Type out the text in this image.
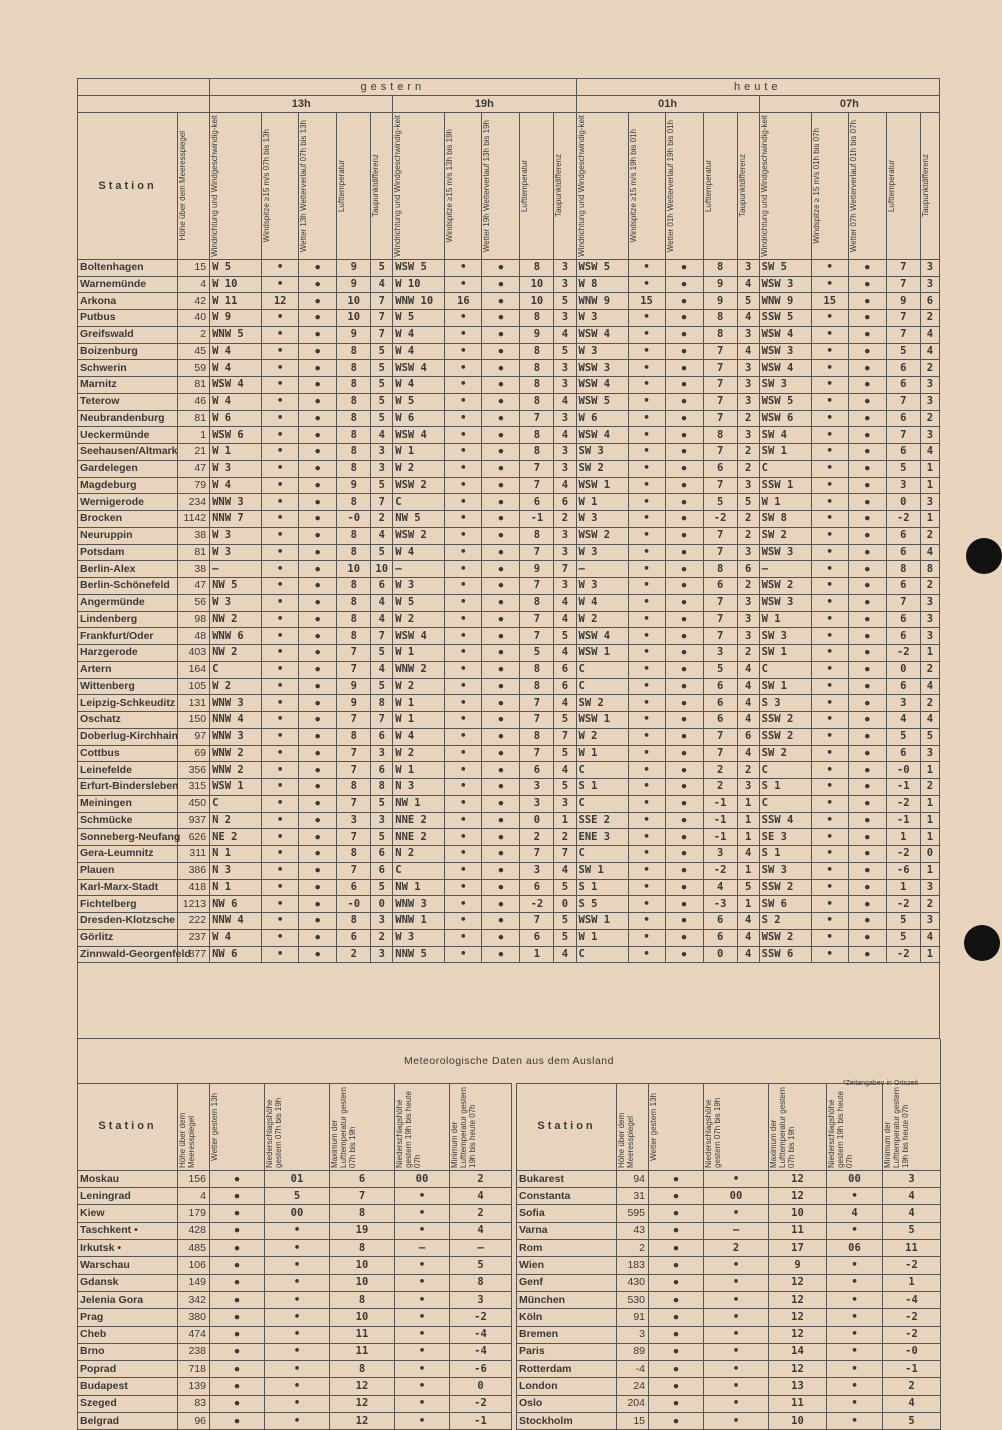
		gestern										heute									
		13h					19h					01h					07h				
Station	Höhe über dem Meeresspiegel	Windrichtung und Windgeschwindig-keit	Windspitze ≥15 m/s 07h bis 13h	Wetter 13h Wetterverlauf 07h bis 13h	Lufttemperatur	Taupunktdifferenz	Windrichtung und Windgeschwindig-keit	Windspitze ≥15 m/s 13h bis 19h	Wetter 19h Wetterverlauf 13h bis 19h	Lufttemperatur	Taupunktdifferenz	Windrichtung und Windgeschwindig-keit	Windspitze ≥15 m/s 19h bis 01h	Wetter 01h Wetterverlauf 19h bis 01h	Lufttemperatur	Taupunktdifferenz	Windrichtung und Windgeschwindig-keit	Windspitze ≥ 15 m/s 01h bis 07h	Wetter 07h Wetterverlauf 01h bis 07h	Lufttemperatur	Taupunktdifferenz

Boltenhagen	15	W 5	•	●	9	5	WSW 5	•	●	8	3	WSW 5	•	●	8	3	SW 5	•	●	7	3
Warnemünde	4	W 10	•	●	9	4	W 10	•	●	10	3	W 8	•	●	9	4	WSW 3	•	●	7	3
Arkona	42	W 11	12	●	10	7	WNW 10	16	●	10	5	WNW 9	15	●	9	5	WNW 9	15	●	9	6
Putbus	40	W 9	•	●	10	7	W 5	•	●	8	3	W 3	•	●	8	4	SSW 5	•	●	7	2
Greifswald	2	WNW 5	•	●	9	7	W 4	•	●	9	4	WSW 4	•	●	8	3	WSW 4	•	●	7	4
Boizenburg	45	W 4	•	●	8	5	W 4	•	●	8	5	W 3	•	●	7	4	WSW 3	•	●	5	4
Schwerin	59	W 4	•	●	8	5	WSW 4	•	●	8	3	WSW 3	•	●	7	3	WSW 4	•	●	6	2
Marnitz	81	WSW 4	•	●	8	5	W 4	•	●	8	3	WSW 4	•	●	7	3	SW 3	•	●	6	3
Teterow	46	W 4	•	●	8	5	W 5	•	●	8	4	WSW 5	•	●	7	3	WSW 5	•	●	7	3
Neubrandenburg	81	W 6	•	●	8	5	W 6	•	●	7	3	W 6	•	●	7	2	WSW 6	•	●	6	2
Ueckermünde	1	WSW 6	•	●	8	4	WSW 4	•	●	8	4	WSW 4	•	●	8	3	SW 4	•	●	7	3
Seehausen/Altmark	21	W 1	•	●	8	3	W 1	•	●	8	3	SW 3	•	●	7	2	SW 1	•	●	6	4
Gardelegen	47	W 3	•	●	8	3	W 2	•	●	7	3	SW 2	•	●	6	2	C	•	●	5	1
Magdeburg	79	W 4	•	●	9	5	WSW 2	•	●	7	4	WSW 1	•	●	7	3	SSW 1	•	●	3	1
Wernigerode	234	WNW 3	•	●	8	7	C	•	●	6	6	W 1	•	●	5	5	W 1	•	●	0	3
Brocken	1142	NNW 7	•	●	-0	2	NW 5	•	●	-1	2	W 3	•	●	-2	2	SW 8	•	●	-2	1
Neuruppin	38	W 3	•	●	8	4	WSW 2	•	●	8	3	WSW 2	•	●	7	2	SW 2	•	●	6	2
Potsdam	81	W 3	•	●	8	5	W 4	•	●	7	3	W 3	•	●	7	3	WSW 3	•	●	6	4
Berlin-Alex	38	–	•	●	10	10	–	•	●	9	7	–	•	●	8	6	–	•	●	8	8
Berlin-Schönefeld	47	NW 5	•	●	8	6	W 3	•	●	7	3	W 3	•	●	6	2	WSW 2	•	●	6	2
Angermünde	56	W 3	•	●	8	4	W 5	•	●	8	4	W 4	•	●	7	3	WSW 3	•	●	7	3
Lindenberg	98	NW 2	•	●	8	4	W 2	•	●	7	4	W 2	•	●	7	3	W 1	•	●	6	3
Frankfurt/Oder	48	WNW 6	•	●	8	7	WSW 4	•	●	7	5	WSW 4	•	●	7	3	SW 3	•	●	6	3
Harzgerode	403	NW 2	•	●	7	5	W 1	•	●	5	4	WSW 1	•	●	3	2	SW 1	•	●	-2	1
Artern	164	C	•	●	7	4	WNW 2	•	●	8	6	C	•	●	5	4	C	•	●	0	2
Wittenberg	105	W 2	•	●	9	5	W 2	•	●	8	6	C	•	●	6	4	SW 1	•	●	6	4
Leipzig-Schkeuditz	131	WNW 3	•	●	9	8	W 1	•	●	7	4	SW 2	•	●	6	4	S 3	•	●	3	2
Oschatz	150	NNW 4	•	●	7	7	W 1	•	●	7	5	WSW 1	•	●	6	4	SSW 2	•	●	4	4
Doberlug-Kirchhain	97	WNW 3	•	●	8	6	W 4	•	●	8	7	W 2	•	●	7	6	SSW 2	•	●	5	5
Cottbus	69	WNW 2	•	●	7	3	W 2	•	●	7	5	W 1	•	●	7	4	SW 2	•	●	6	3
Leinefelde	356	WNW 2	•	●	7	6	W 1	•	●	6	4	C	•	●	2	2	C	•	●	-0	1
Erfurt-Bindersleben	315	WSW 1	•	●	8	8	N 3	•	●	3	5	S 1	•	●	2	3	S 1	•	●	-1	2
Meiningen	450	C	•	●	7	5	NW 1	•	●	3	3	C	•	●	-1	1	C	•	●	-2	1
Schmücke	937	N 2	•	●	3	3	NNE 2	•	●	0	1	SSE 2	•	●	-1	1	SSW 4	•	●	-1	1
Sonneberg-Neufang	626	NE 2	•	●	7	5	NNE 2	•	●	2	2	ENE 3	•	●	-1	1	SE 3	•	●	1	1
Gera-Leumnitz	311	N 1	•	●	8	6	N 2	•	●	7	7	C	•	●	3	4	S 1	•	●	-2	0
Plauen	386	N 3	•	●	7	6	C	•	●	3	4	SW 1	•	●	-2	1	SW 3	•	●	-6	1
Karl-Marx-Stadt	418	N 1	•	●	6	5	NW 1	•	●	6	5	S 1	•	●	4	5	SSW 2	•	●	1	3
Fichtelberg	1213	NW 6	•	●	-0	0	WNW 3	•	●	-2	0	S 5	•	●	-3	1	SW 6	•	●	-2	2
Dresden-Klotzsche	222	NNW 4	•	●	8	3	WNW 1	•	●	7	5	WSW 1	•	●	6	4	S 2	•	●	5	3
Görlitz	237	W 4	•	●	6	2	W 3	•	●	6	5	W 1	•	●	6	4	WSW 2	•	●	5	4
Zinnwald-Georgenfeld	877	NW 6	•	●	2	3	NNW 5	•	●	1	4	C	•	●	0	4	SSW 6	•	●	-2	1

Meteorologische Daten aus dem Ausland														
Station	Höhe über dem Meeresspiegel	Wetter gestern 13h	Niederschlagshöhe gestern 07h bis 19h	Maximum der Lufttemperatur gestern 07h bis 19h	Niederschlagshöhe gestern 19h bis heute 07h	Minimum der Lufttemperatur gestern 19h bis heute 07h		Station	Höhe über dem Meeresspiegel	Wetter gestern 13h	Niederschlagshöhe gestern 07h bis 19h	Maximum der Lufttemperatur gestern 07h bis 19h	Niederschlagshöhe gestern 19h bis heute 07h	Minimum der Lufttemperatur gestern 19h bis heute 07h

Moskau	156	●	01	6	00	2		Bukarest	94	●	•	12	00	3
Leningrad	4	●	5	7	•	4		Constanta	31	●	00	12	•	4
Kiew	179	●	00	8	•	2		Sofia	595	●	•	10	4	4
Taschkent •	428	●	•	19	•	4		Varna	43	●	–	11	•	5
Irkutsk •	485	●	•	8	–	–		Rom	2	●	2	17	06	11
Warschau	106	●	•	10	•	5		Wien	183	●	•	9	•	-2
Gdansk	149	●	•	10	•	8		Genf	430	●	•	12	•	1
Jelenia Gora	342	●	•	8	•	3		München	530	●	•	12	•	-4
Prag	380	●	•	10	•	-2		Köln	91	●	•	12	•	-2
Cheb	474	●	•	11	•	-4		Bremen	3	●	•	12	•	-2
Brno	238	●	•	11	•	-4		Paris	89	●	•	14	•	-0
Poprad	718	●	•	8	•	-6		Rotterdam	-4	●	•	12	•	-1
Budapest	139	●	•	12	•	0		London	24	●	•	13	•	2
Szeged	83	●	•	12	•	-2		Oslo	204	●	•	11	•	4
Belgrad	96	●	•	12	•	-1		Stockholm	15	●	•	10	•	5
*Zeitangaben in Ortszeit
